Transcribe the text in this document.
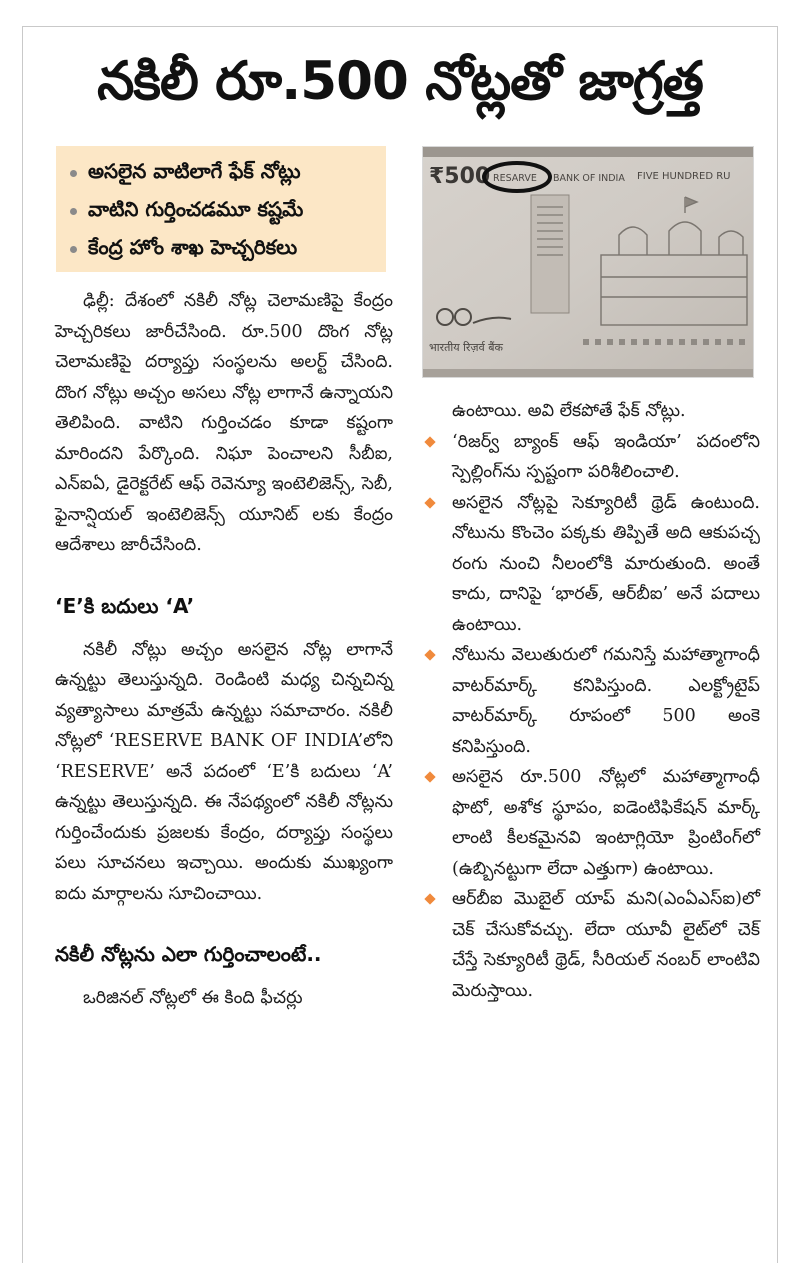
నకిలీ రూ.500 నోట్లతో జాగ్రత్త
అసలైన వాటిలాగే ఫేక్ నోట్లు
వాటిని గుర్తించడమూ కష్టమే
కేంద్ర హోం శాఖ హెచ్చరికలు

ఢిల్లీ: దేశంలో నకిలీ నోట్ల చెలామణిపై కేంద్రం హెచ్చరికలు జారీచేసింది. రూ.500 దొంగ నోట్ల చెలామణిపై దర్యాప్తు సంస్థలను అలర్ట్ చేసింది. దొంగ నోట్లు అచ్చం అసలు నోట్ల లాగానే ఉన్నాయని తెలిపింది. వాటిని గుర్తించడం కూడా కష్టంగా మారిందని పేర్కొంది. నిఘా పెంచాలని సీబీఐ, ఎన్ఐఏ, డైరెక్టరేట్ ఆఫ్ రెవెన్యూ ఇంటెలిజెన్స్, సెబీ, ఫైనాన్షియల్ ఇంటెలిజెన్స్ యూనిట్ లకు కేంద్రం ఆదేశాలు జారీచేసింది.

‘E’కి బదులు ‘A’

నకిలీ నోట్లు అచ్చం అసలైన నోట్ల లాగానే ఉన్నట్టు తెలుస్తున్నది. రెండింటి మధ్య చిన్నచిన్న వ్యత్యాసాలు మాత్రమే ఉన్నట్టు సమాచారం. నకిలీ నోట్లలో ‘RESERVE BANK OF INDIA’లోని ‘RESERVE’ అనే పదంలో ‘E’కి బదులు ‘A’ ఉన్నట్టు తెలుస్తున్నది. ఈ నేపథ్యంలో నకిలీ నోట్లను గుర్తించేందుకు ప్రజలకు కేంద్రం, దర్యాప్తు సంస్థలు పలు సూచనలు ఇచ్చాయి. అందుకు ముఖ్యంగా ఐదు మార్గాలను సూచించాయి.

నకిలీ నోట్లను ఎలా గుర్తించాలంటే..

ఒరిజినల్ నోట్లలో ఈ కింది ఫీచర్లు

₹500 RESARVE BANK OF INDIA FIVE HUNDRED RU
भारतीय रिज़र्व बैंक

ఉంటాయి. అవి లేకపోతే ఫేక్ నోట్లు.

‘రిజర్వ్ బ్యాంక్ ఆఫ్ ఇండియా’ పదంలోని స్పెల్లింగ్‌ను స్పష్టంగా పరిశీలించాలి.
అసలైన నోట్లపై సెక్యూరిటీ థ్రెడ్ ఉంటుంది. నోటును కొంచెం పక్కకు తిప్పితే అది ఆకుపచ్చ రంగు నుంచి నీలంలోకి మారుతుంది. అంతే కాదు, దానిపై ‘భారత్, ఆర్‌బీఐ’ అనే పదాలు ఉంటాయి.
నోటును వెలుతురులో గమనిస్తే మహాత్మాగాంధీ వాటర్‌మార్క్ కనిపిస్తుంది. ఎలక్ట్రోటైప్ వాటర్‌మార్క్ రూపంలో 500 అంకె కనిపిస్తుంది.
అసలైన రూ.500 నోట్లలో మహాత్మాగాంధీ ఫొటో, అశోక స్థూపం, ఐడెంటిఫికేషన్ మార్క్ లాంటి కీలకమైనవి ఇంటాగ్లియో ప్రింటింగ్‌లో (ఉబ్బినట్టుగా లేదా ఎత్తుగా) ఉంటాయి.
ఆర్‌బీఐ మొబైల్ యాప్ మని(ఎంఏఎస్ఐ)లో చెక్ చేసుకోవచ్చు. లేదా యూవీ లైట్‌లో చెక్ చేస్తే సెక్యూరిటీ థ్రెడ్, సీరియల్ నంబర్ లాంటివి మెరుస్తాయి.
